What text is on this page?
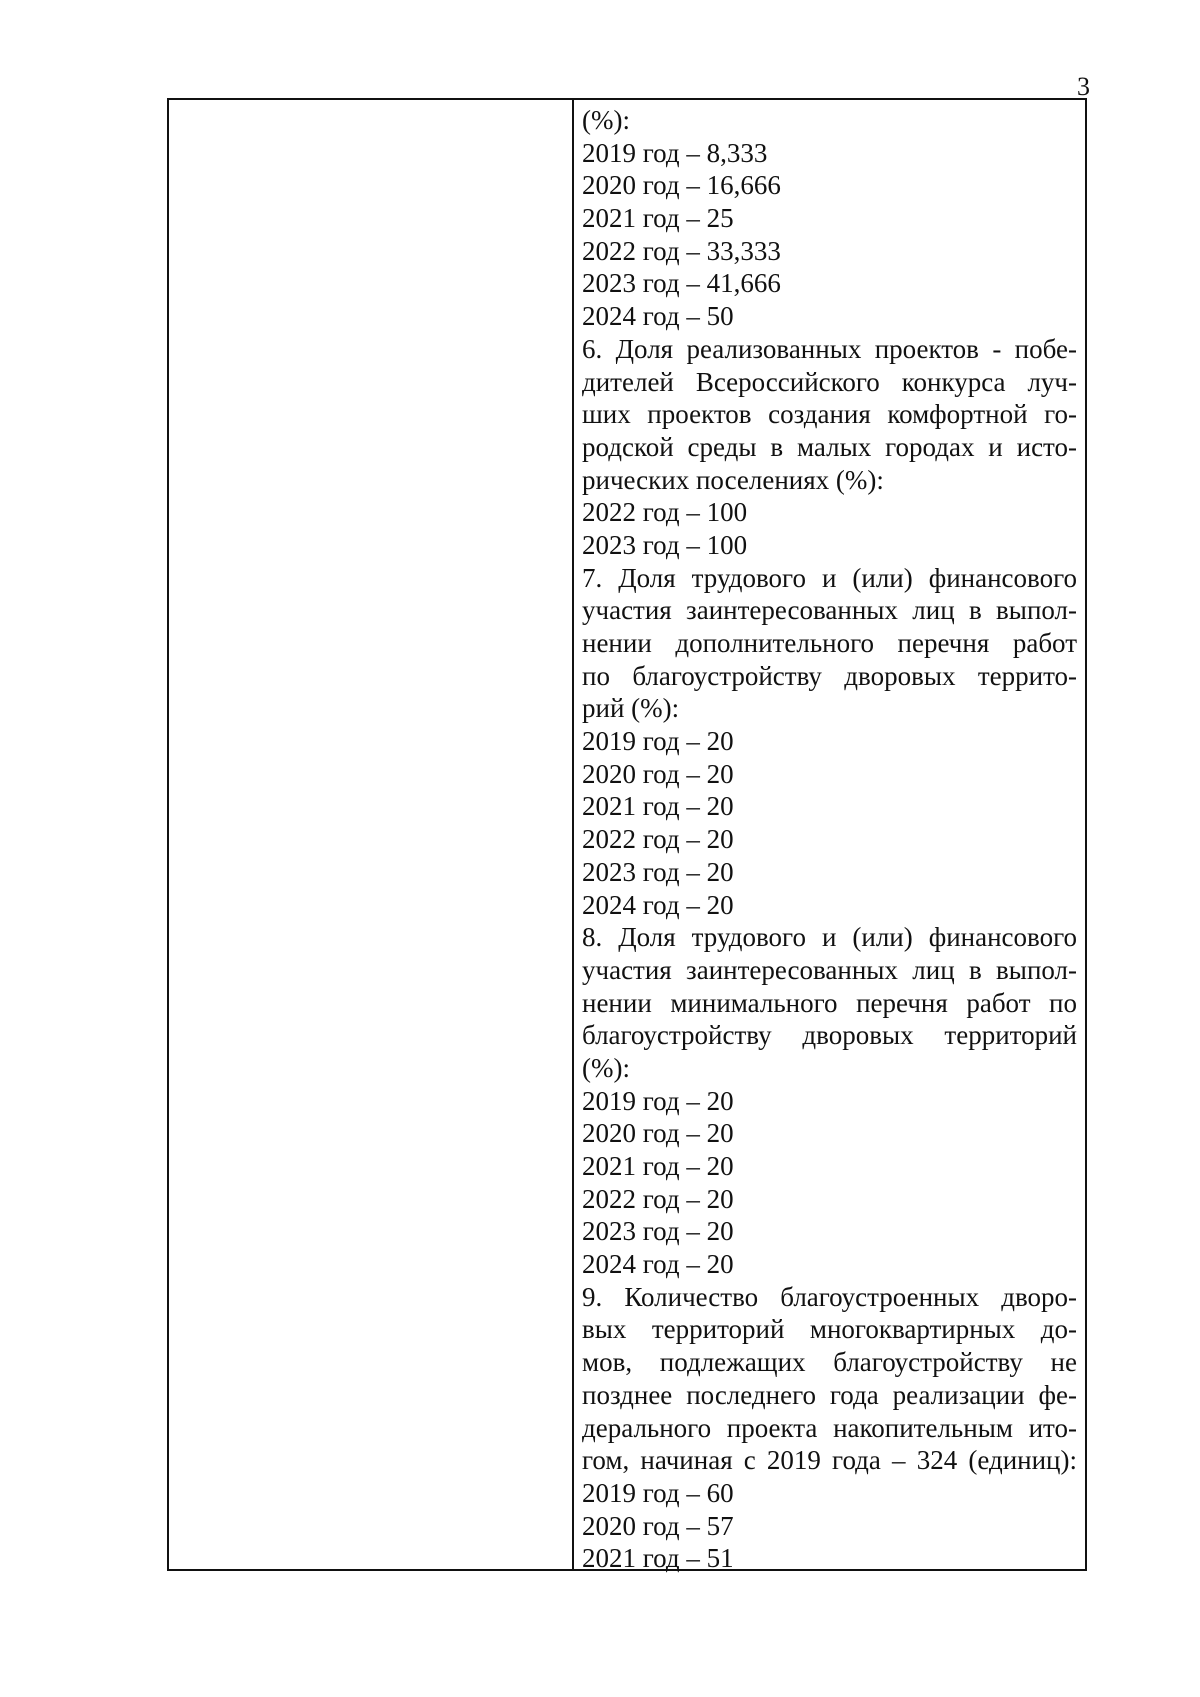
3
(%):
2019 год – 8,333
2020 год – 16,666
2021 год – 25
2022 год – 33,333
2023 год – 41,666
2024 год – 50
6. Доля реализованных проектов - побе-
дителей Всероссийского конкурса луч-
ших проектов создания комфортной го-
родской среды в малых городах и исто-
рических поселениях (%):
2022 год – 100
2023 год – 100
7. Доля трудового и (или) финансового
участия заинтересованных лиц в выпол-
нении дополнительного перечня работ
по благоустройству дворовых террито-
рий (%):
2019 год – 20
2020 год – 20
2021 год – 20
2022 год – 20
2023 год – 20
2024 год – 20
8. Доля трудового и (или) финансового
участия заинтересованных лиц в выпол-
нении минимального перечня работ по
благоустройству дворовых территорий
(%):
2019 год – 20
2020 год – 20
2021 год – 20
2022 год – 20
2023 год – 20
2024 год – 20
9. Количество благоустроенных дворо-
вых территорий многоквартирных до-
мов, подлежащих благоустройству не
позднее последнего года реализации фе-
дерального проекта накопительным ито-
гом, начиная с 2019 года – 324 (единиц):
2019 год – 60
2020 год – 57
2021 год – 51
